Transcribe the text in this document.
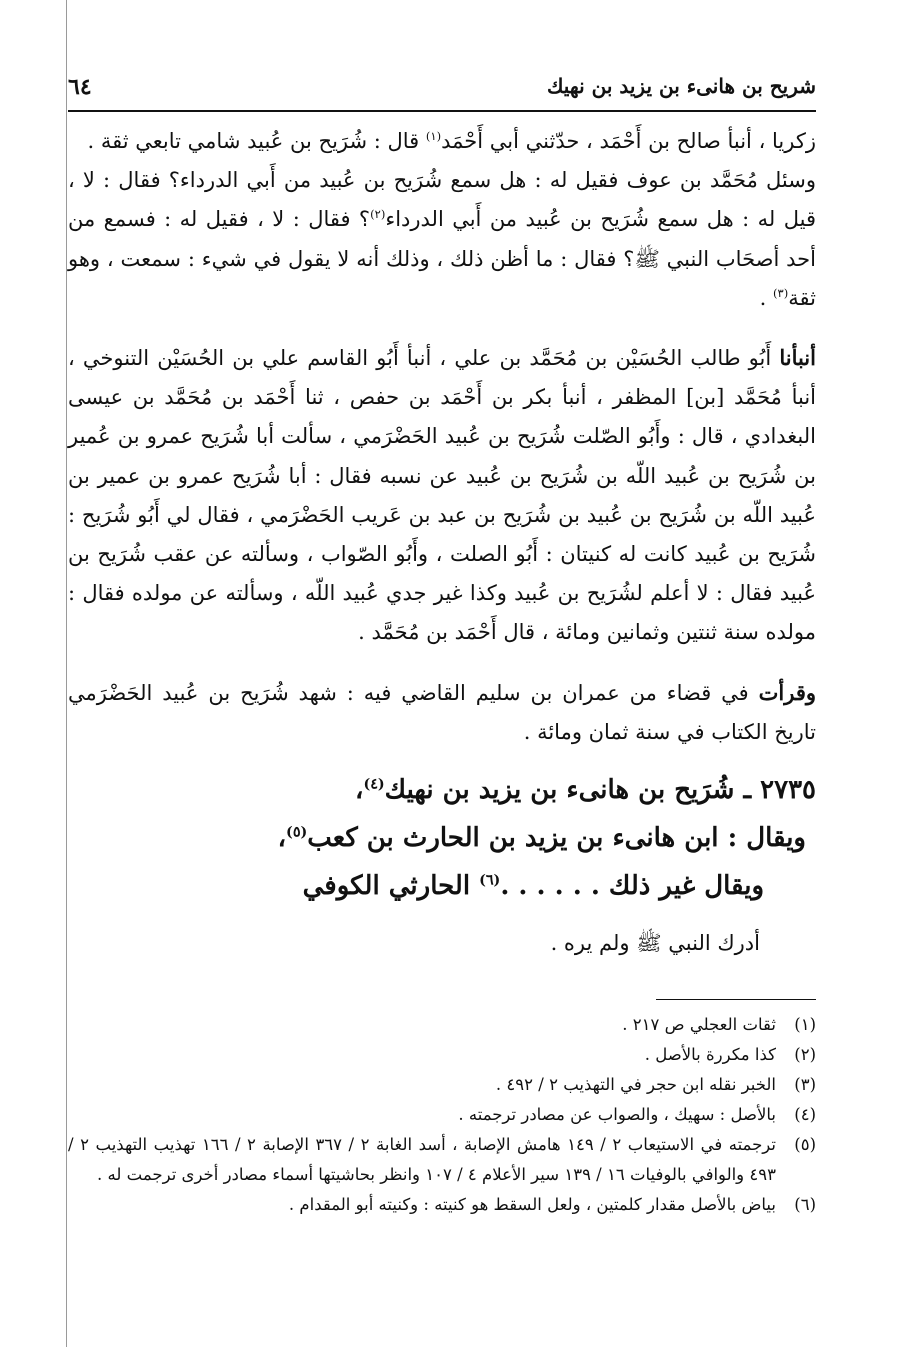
شريح بن هانىء بن يزيد بن نهيك
٦٤

زكريا ، أنبأ صالح بن أَحْمَد ، حدّثني أبي أَحْمَد$^{(١)}$ قال : شُرَيح بن عُبيد شامي تابعي ثقة .

وسئل مُحَمَّد بن عوف فقيل له : هل سمع شُرَيح بن عُبيد من أَبي الدرداء؟ فقال : لا ، قيل له : هل سمع شُرَيح بن عُبيد من أَبي الدرداء$^{(٢)}$؟ فقال : لا ، فقيل له : فسمع من أحد أصحَاب النبي ﷺ؟ فقال : ما أظن ذلك ، وذلك أنه لا يقول في شيء : سمعت ، وهو ثقة$^{(٣)}$ .

أنبأنا أَبُو طالب الحُسَيْن بن مُحَمَّد بن علي ، أنبأ أَبُو القاسم علي بن الحُسَيْن التنوخي ، أنبأ مُحَمَّد [بن] المظفر ، أنبأ بكر بن أَحْمَد بن حفص ، ثنا أَحْمَد بن مُحَمَّد بن عيسى البغدادي ، قال : وأَبُو الصّلت شُرَيح بن عُبيد الحَضْرَمي ، سألت أبا شُرَيح عمرو بن عُمير بن شُرَيح بن عُبيد اللّه بن شُرَيح بن عُبيد عن نسبه فقال : أبا شُرَيح عمرو بن عمير بن عُبيد اللّه بن شُرَيح بن عُبيد بن شُرَيح بن عبد بن عَريب الحَضْرَمي ، فقال لي أَبُو شُرَيح : شُرَيح بن عُبيد كانت له كنيتان : أَبُو الصلت ، وأَبُو الصّواب ، وسألته عن عقب شُرَيح بن عُبيد فقال : لا أعلم لشُرَيح بن عُبيد وكذا غير جدي عُبيد اللّه ، وسألته عن مولده فقال : مولده سنة ثنتين وثمانين ومائة ، قال أَحْمَد بن مُحَمَّد .

وقرأت في قضاء من عمران بن سليم القاضي فيه : شهد شُرَيح بن عُبيد الحَضْرَمي تاريخ الكتاب في سنة ثمان ومائة .

٢٧٣٥ ـ شُرَيح بن هانىء بن يزيد بن نهيك$^{(٤)}$،
ويقال : ابن هانىء بن يزيد بن الحارث بن كعب$^{(٥)}$،
ويقال غير ذلك . . . . . .$^{(٦)}$ الحارثي الكوفي
أدرك النبي ﷺ ولم يره .
(١)
ثقات العجلي ص ٢١٧ .
(٢)
كذا مكررة بالأصل .
(٣)
الخبر نقله ابن حجر في التهذيب ٢ / ٤٩٢ .
(٤)
بالأصل : سهيك ، والصواب عن مصادر ترجمته .
(٥)
ترجمته في الاستيعاب ٢ / ١٤٩ هامش الإصابة ، أسد الغابة ٢ / ٣٦٧ الإصابة ٢ / ١٦٦ تهذيب التهذيب ٢ / ٤٩٣ والوافي بالوفيات ١٦ / ١٣٩ سير الأعلام ٤ / ١٠٧ وانظر بحاشيتها أسماء مصادر أخرى ترجمت له .
(٦)
بياض بالأصل مقدار كلمتين ، ولعل السقط هو كنيته : وكنيته أبو المقدام .
